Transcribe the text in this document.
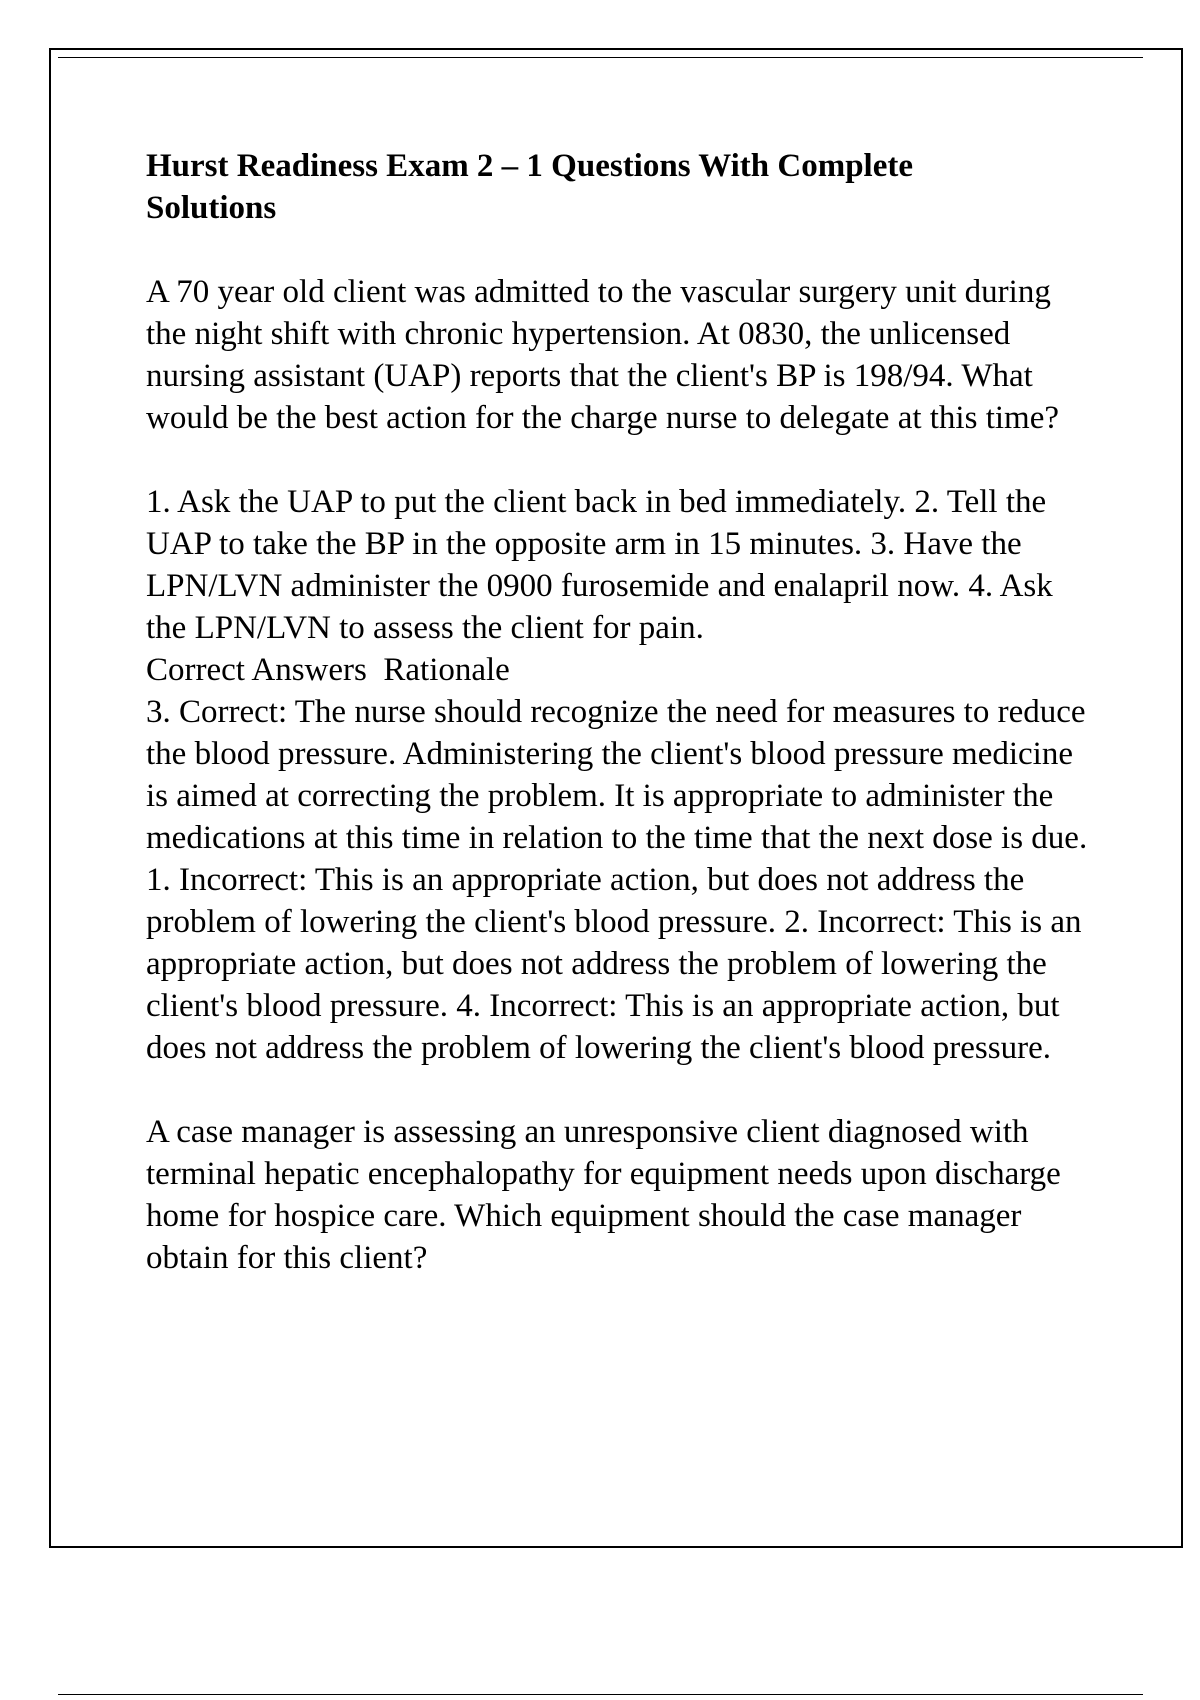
Hurst Readiness Exam 2 – 1 Questions With Complete Solutions

A 70 year old client was admitted to the vascular surgery unit during the night shift with chronic hypertension. At 0830, the unlicensed nursing assistant (UAP) reports that the client's BP is 198/94. What would be the best action for the charge nurse to delegate at this time?

1. Ask the UAP to put the client back in bed immediately. 2. Tell the UAP to take the BP in the opposite arm in 15 minutes. 3. Have the LPN/LVN administer the 0900 furosemide and enalapril now. 4. Ask the LPN/LVN to assess the client for pain.

Correct Answers  Rationale

3. Correct: The nurse should recognize the need for measures to reduce the blood pressure. Administering the client's blood pressure medicine is aimed at correcting the problem. It is appropriate to administer the medications at this time in relation to the time that the next dose is due. 1. Incorrect: This is an appropriate action, but does not address the problem of lowering the client's blood pressure. 2. Incorrect: This is an appropriate action, but does not address the problem of lowering the client's blood pressure. 4. Incorrect: This is an appropriate action, but does not address the problem of lowering the client's blood pressure.

A case manager is assessing an unresponsive client diagnosed with terminal hepatic encephalopathy for equipment needs upon discharge home for hospice care. Which equipment should the case manager obtain for this client?
